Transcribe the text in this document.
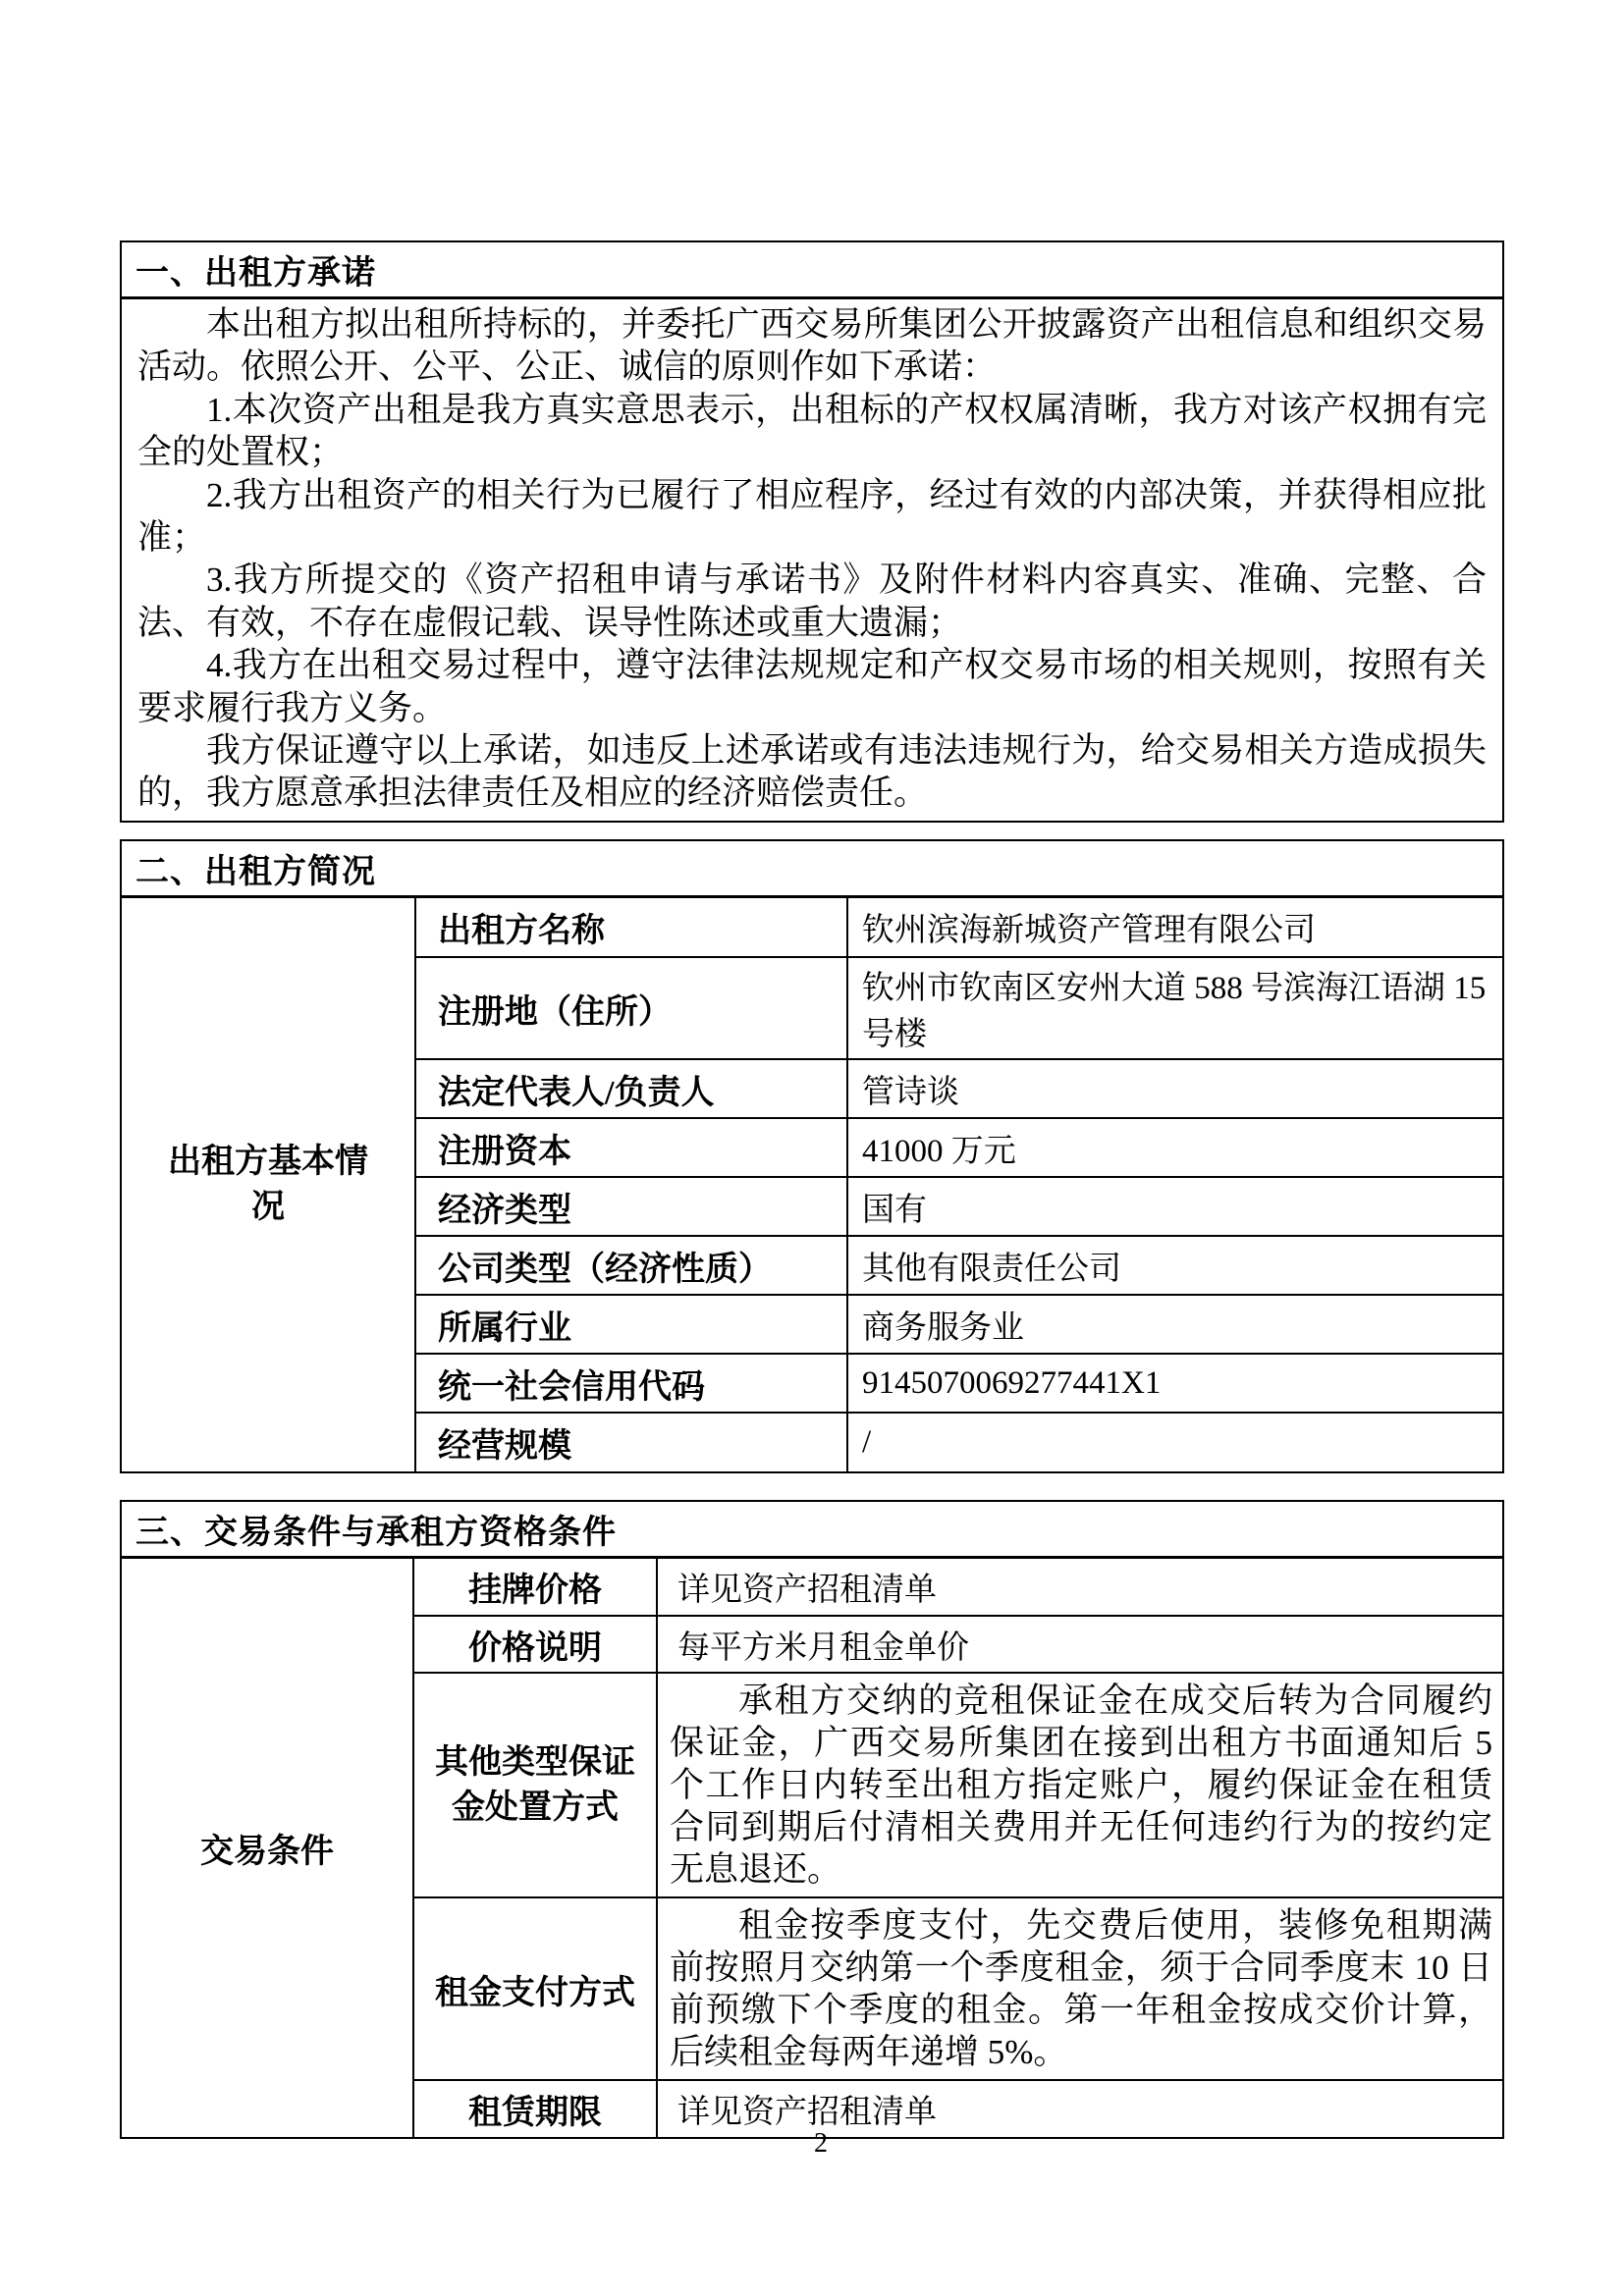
一、出租方承诺

本出租方拟出租所持标的，并委托广西交易所集团公开披露资产出租信息和组织交易活动。依照公开、公平、公正、诚信的原则作如下承诺：

1.本次资产出租是我方真实意思表示，出租标的产权权属清晰，我方对该产权拥有完全的处置权；

2.我方出租资产的相关行为已履行了相应程序，经过有效的内部决策，并获得相应批准；

3.我方所提交的《资产招租申请与承诺书》及附件材料内容真实、准确、完整、合法、有效，不存在虚假记载、误导性陈述或重大遗漏；

4.我方在出租交易过程中，遵守法律法规规定和产权交易市场的相关规则，按照有关要求履行我方义务。

我方保证遵守以上承诺，如违反上述承诺或有违法违规行为，给交易相关方造成损失的，我方愿意承担法律责任及相应的经济赔偿责任。

二、出租方简况
出租方基本情况	出租方名称	钦州滨海新城资产管理有限公司
	注册地（住所）	钦州市钦南区安州大道 588 号滨海江语湖 15 号楼
	法定代表人/负责人	管诗谈
	注册资本	41000 万元
	经济类型	国有
	公司类型（经济性质）	其他有限责任公司
	所属行业	商务服务业
	统一社会信用代码	9145070069277441X1
	经营规模	/
三、交易条件与承租方资格条件
交易条件	挂牌价格	详见资产招租清单
	价格说明	每平方米月租金单价
	其他类型保证金处置方式	承租方交纳的竞租保证金在成交后转为合同履约保证金，广西交易所集团在接到出租方书面通知后 5 个工作日内转至出租方指定账户，履约保证金在租赁合同到期后付清相关费用并无任何违约行为的按约定无息退还。

	租金支付方式	租金按季度支付，先交费后使用，装修免租期满前按照月交纳第一个季度租金，须于合同季度末 10 日前预缴下个季度的租金。第一年租金按成交价计算，后续租金每两年递增 5%。

	租赁期限	详见资产招租清单
2
